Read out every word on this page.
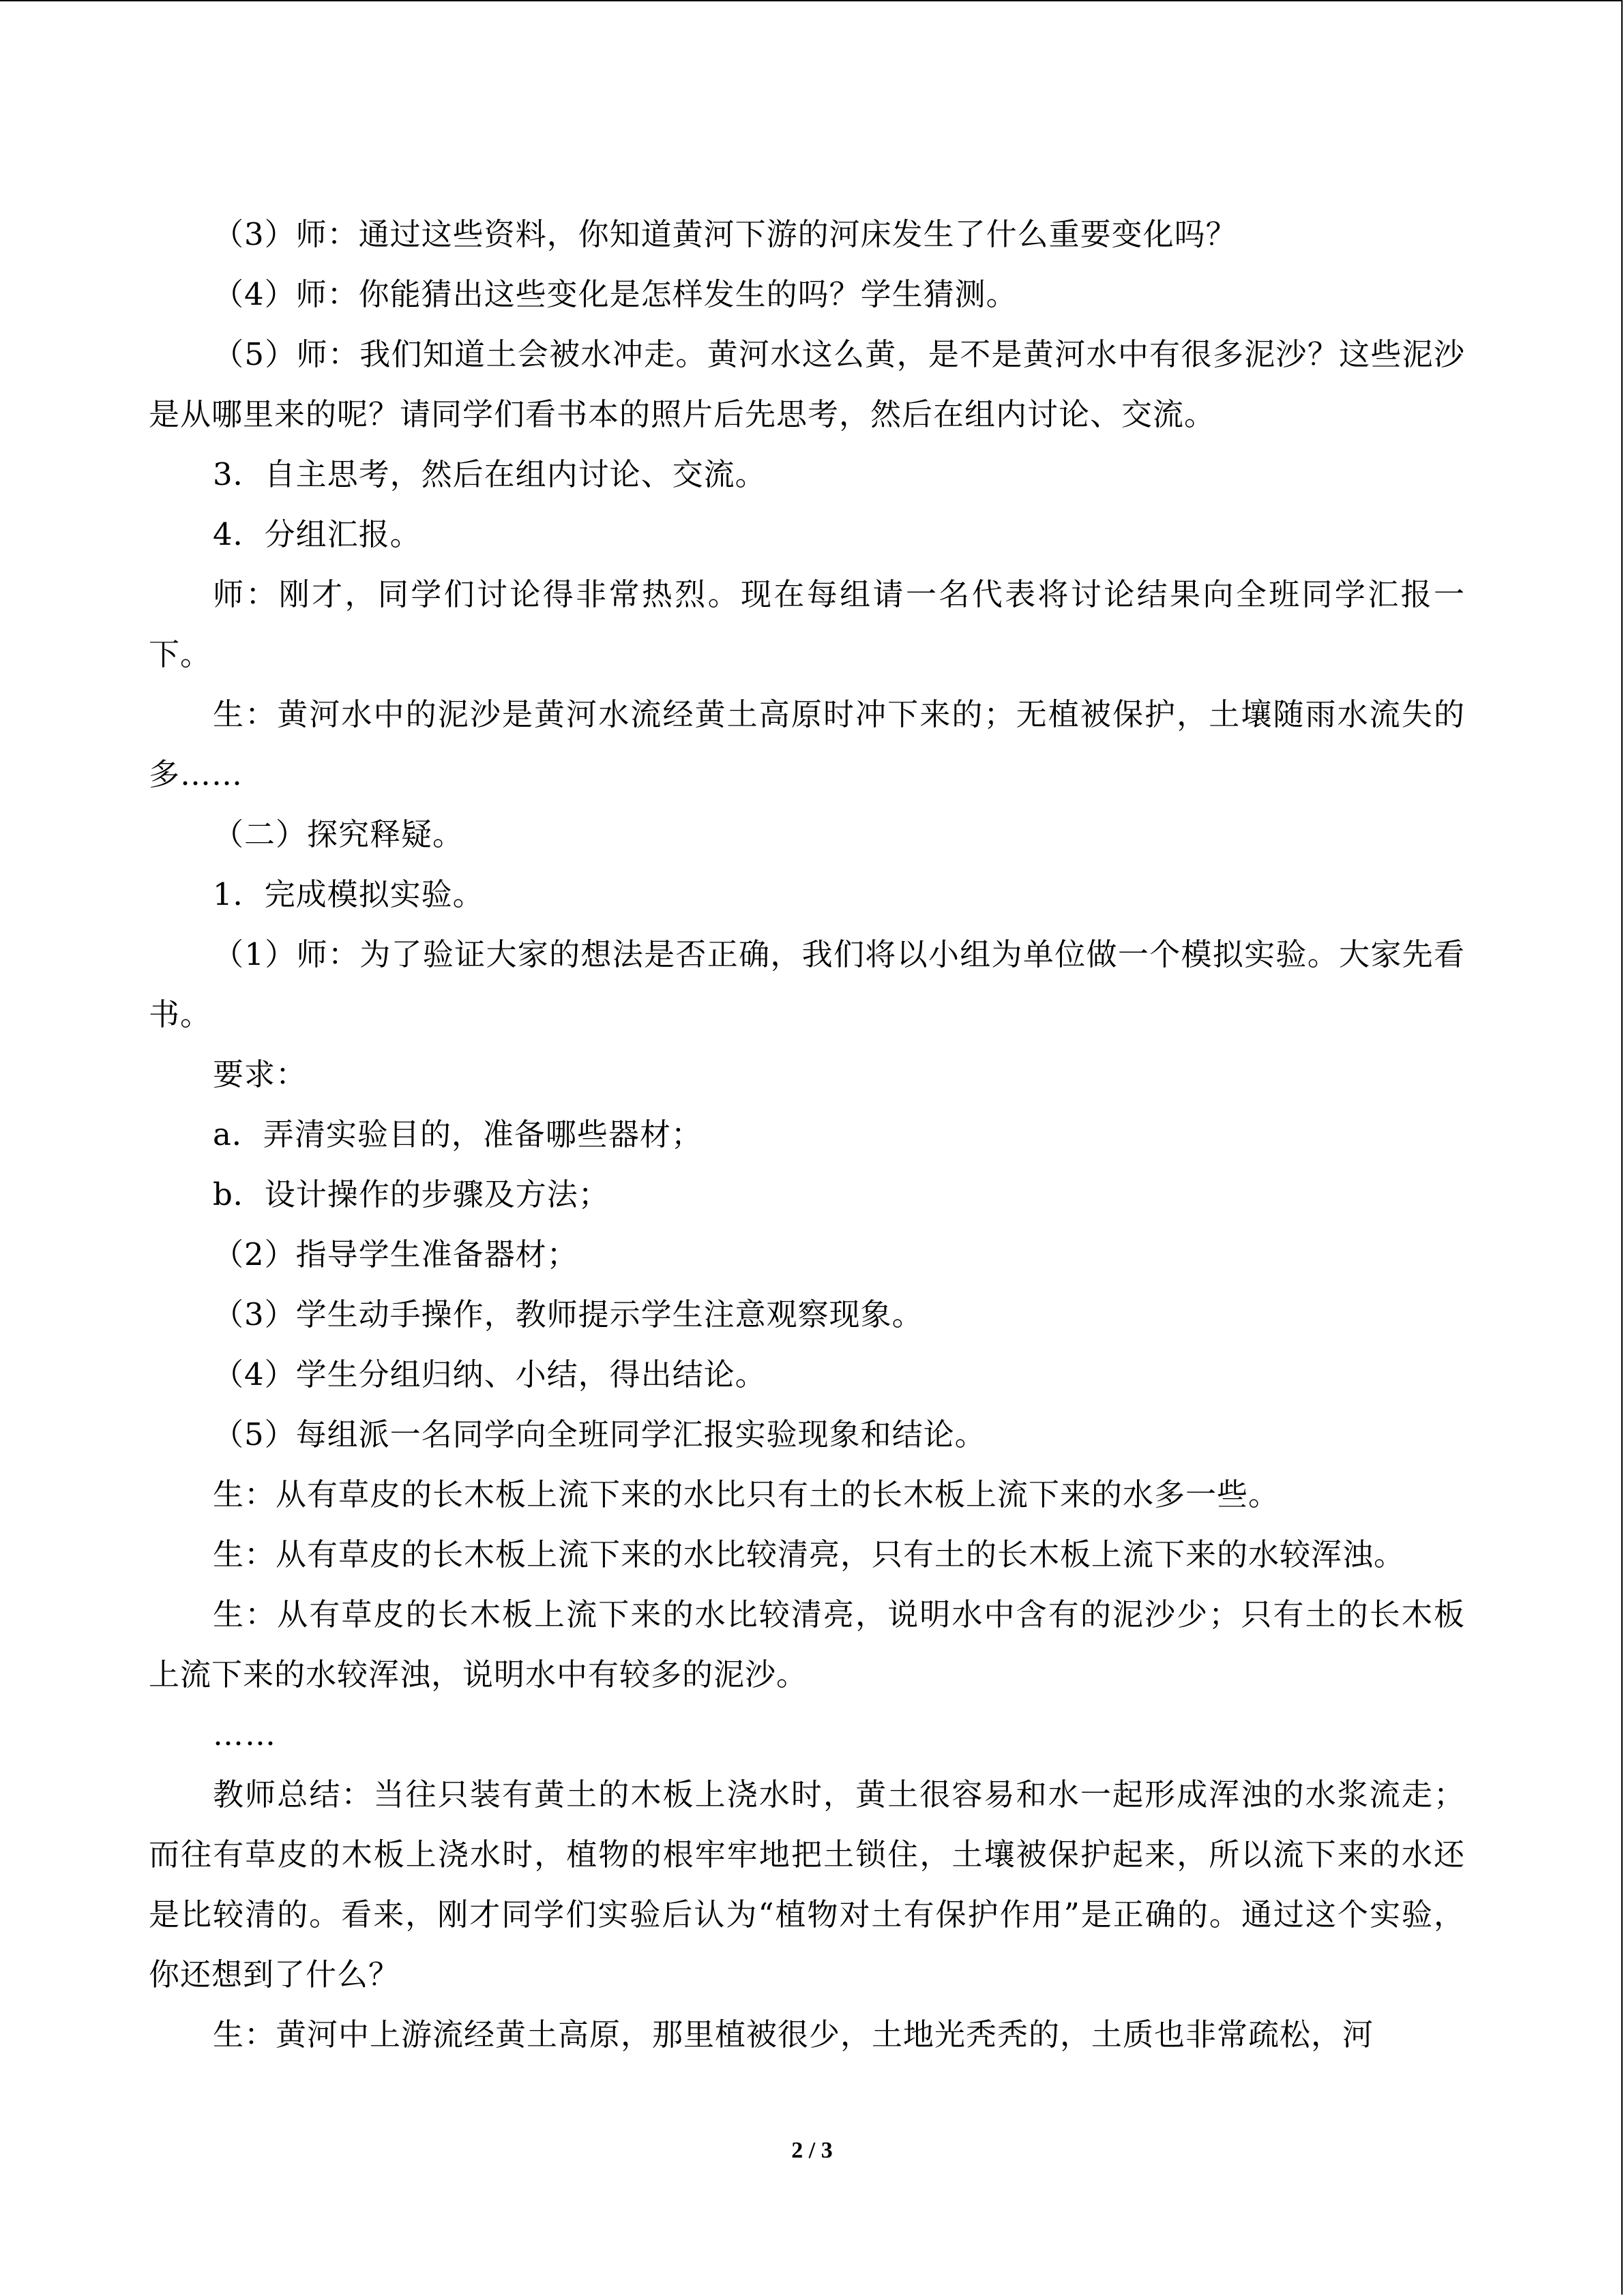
（3）师：通过这些资料，你知道黄河下游的河床发生了什么重要变化吗？

（4）师：你能猜出这些变化是怎样发生的吗？学生猜测。

（5）师：我们知道土会被水冲走。黄河水这么黄，是不是黄河水中有很多泥沙？这些泥沙是从哪里来的呢？请同学们看书本的照片后先思考，然后在组内讨论、交流。

3．自主思考，然后在组内讨论、交流。

4．分组汇报。

师：刚才，同学们讨论得非常热烈。现在每组请一名代表将讨论结果向全班同学汇报一下。

生：黄河水中的泥沙是黄河水流经黄土高原时冲下来的；无植被保护，土壤随雨水流失的多……

（二）探究释疑。

1．完成模拟实验。

（1）师：为了验证大家的想法是否正确，我们将以小组为单位做一个模拟实验。大家先看书。

要求：

a．弄清实验目的，准备哪些器材；

b．设计操作的步骤及方法；

（2）指导学生准备器材；

（3）学生动手操作，教师提示学生注意观察现象。

（4）学生分组归纳、小结，得出结论。

（5）每组派一名同学向全班同学汇报实验现象和结论。

生：从有草皮的长木板上流下来的水比只有土的长木板上流下来的水多一些。

生：从有草皮的长木板上流下来的水比较清亮，只有土的长木板上流下来的水较浑浊。

生：从有草皮的长木板上流下来的水比较清亮，说明水中含有的泥沙少；只有土的长木板上流下来的水较浑浊，说明水中有较多的泥沙。

……

教师总结：当往只装有黄土的木板上浇水时，黄土很容易和水一起形成浑浊的水浆流走；而往有草皮的木板上浇水时，植物的根牢牢地把土锁住，土壤被保护起来，所以流下来的水还是比较清的。看来，刚才同学们实验后认为“植物对土有保护作用”是正确的。通过这个实验，你还想到了什么？

生：黄河中上游流经黄土高原，那里植被很少，土地光秃秃的，土质也非常疏松，河

2 / 3
